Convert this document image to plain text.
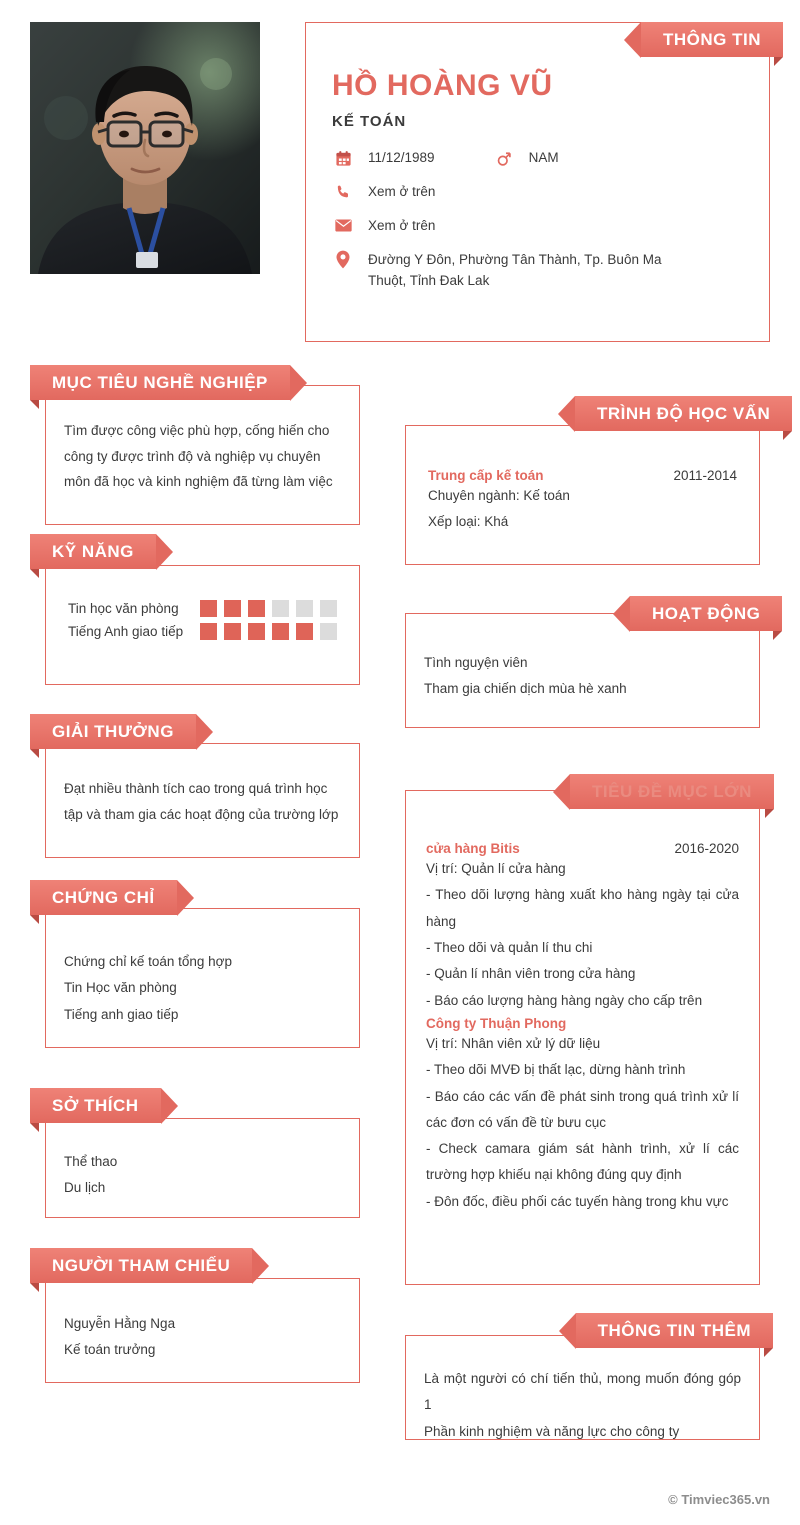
HỒ HOÀNG VŨ
KẾ TOÁN
11/12/1989	NAM
Xem ở trên
Xem ở trên
Đường Y Đôn, Phường Tân Thành, Tp. Buôn Ma
Thuột, Tỉnh Đak Lak
THÔNG TIN
Tìm được công việc phù hợp, cống hiến cho
công ty được trình độ và nghiệp vụ chuyên
môn đã học và kinh nghiệm đã từng làm việc
MỤC TIÊU NGHỀ NGHIỆP
Tin học văn phòng
Tiếng Anh giao tiếp
KỸ NĂNG
Đạt nhiều thành tích cao trong quá trình học
tập và tham gia các hoạt động của trường lớp
GIẢI THƯỞNG
Chứng chỉ kế toán tổng hợp
Tin Học văn phòng
Tiếng anh giao tiếp
CHỨNG CHỈ
Thể thao
Du lịch
SỞ THÍCH
Nguyễn Hằng Nga
Kế toán trưởng
NGƯỜI THAM CHIẾU
Trung cấp kế toán	2011-2014
Chuyên ngành: Kế toán
Xếp loại: Khá
TRÌNH ĐỘ HỌC VẤN
Tình nguyện viên
Tham gia chiến dịch mùa hè xanh
HOẠT ĐỘNG
cửa hàng Bitis	2016-2020
Vị trí: Quản lí cửa hàng
- Theo dõi lượng hàng xuất kho hàng ngày tại cửa hàng
- Theo dõi và quản lí thu chi
- Quản lí nhân viên trong cửa hàng
- Báo cáo lượng hàng hàng ngày cho cấp trên
Công ty Thuận Phong
Vị trí: Nhân viên xử lý dữ liệu
- Theo dõi MVĐ bị thất lạc, dừng hành trình
- Báo cáo các vấn đề phát sinh trong quá trình xử lí các đơn có vấn đề từ bưu cục
- Check camara giám sát hành trình, xử lí các trường hợp khiếu nại không đúng quy định
- Đôn đốc, điều phối các tuyến hàng trong khu vực
TIÊU ĐỀ MỤC LỚN
Là một người có chí tiến thủ, mong muốn đóng góp 1
Phần kinh nghiệm và năng lực cho công ty
THÔNG TIN THÊM
© Timviec365.vn
